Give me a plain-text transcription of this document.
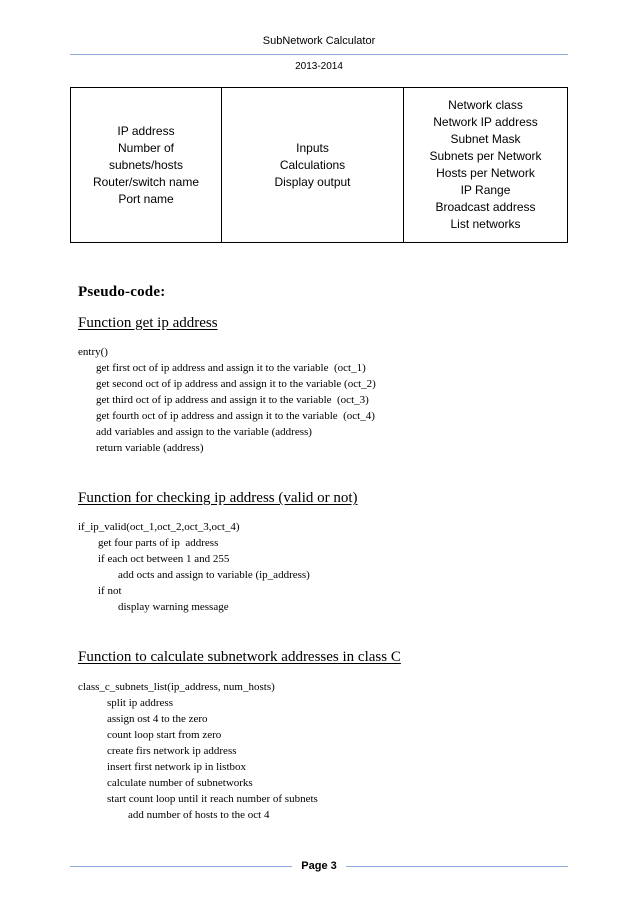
SubNetwork Calculator
2013-2014
IP address
Number of
subnets/hosts
Router/switch name
Port name

Inputs
Calculations
Display output

Network class
Network IP address
Subnet Mask
Subnets per Network
Hosts per Network
IP Range
Broadcast address
List networks
Pseudo-code:
Function get ip address
entry()
get first oct of ip address and assign it to the variable  (oct_1)
get second oct of ip address and assign it to the variable (oct_2)
get third oct of ip address and assign it to the variable  (oct_3)
get fourth oct of ip address and assign it to the variable  (oct_4)
add variables and assign to the variable (address)
return variable (address)
Function for checking ip address (valid or not)
if_ip_valid(oct_1,oct_2,oct_3,oct_4)
get four parts of ip  address
if each oct between 1 and 255
add octs and assign to variable (ip_address)
if not
display warning message
Function to calculate subnetwork addresses in class C
class_c_subnets_list(ip_address, num_hosts)
split ip address
assign ost 4 to the zero
count loop start from zero
create firs network ip address
insert first network ip in listbox
calculate number of subnetworks
start count loop until it reach number of subnets
add number of hosts to the oct 4
Page 3
